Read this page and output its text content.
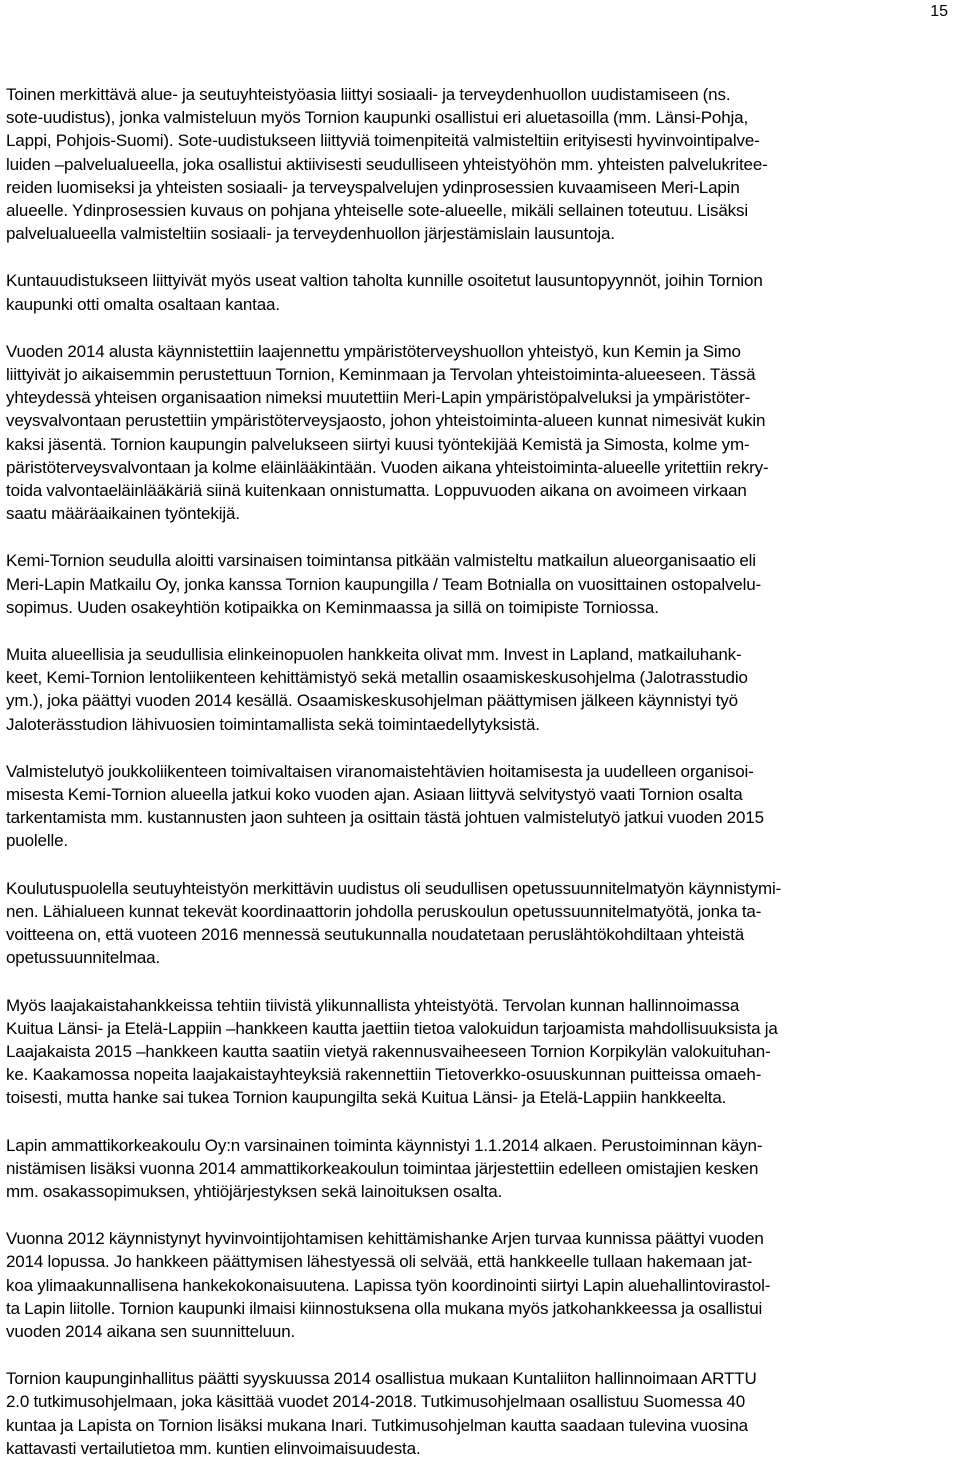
15

Toinen merkittävä alue- ja seutuyhteistyöasia liittyi sosiaali- ja terveydenhuollon uudistamiseen (ns.
sote-uudistus), jonka valmisteluun myös Tornion kaupunki osallistui eri aluetasoilla (mm. Länsi-Pohja,
Lappi, Pohjois-Suomi). Sote-uudistukseen liittyviä toimenpiteitä valmisteltiin erityisesti hyvinvointipalve-
luiden –palvelualueella, joka osallistui aktiivisesti seudulliseen yhteistyöhön mm. yhteisten palvelukritee-
reiden luomiseksi ja yhteisten sosiaali- ja terveyspalvelujen ydinprosessien kuvaamiseen Meri-Lapin
alueelle. Ydinprosessien kuvaus on pohjana yhteiselle sote-alueelle, mikäli sellainen toteutuu. Lisäksi
palvelualueella valmisteltiin sosiaali- ja terveydenhuollon järjestämislain lausuntoja.

Kuntauudistukseen liittyivät myös useat valtion taholta kunnille osoitetut lausuntopyynnöt, joihin Tornion
kaupunki otti omalta osaltaan kantaa.

Vuoden 2014 alusta käynnistettiin laajennettu ympäristöterveyshuollon yhteistyö, kun Kemin ja Simo
liittyivät jo aikaisemmin perustettuun Tornion, Keminmaan ja Tervolan yhteistoiminta-alueeseen. Tässä
yhteydessä yhteisen organisaation nimeksi muutettiin Meri-Lapin ympäristöpalveluksi ja ympäristöter-
veysvalvontaan perustettiin ympäristöterveysjaosto, johon yhteistoiminta-alueen kunnat nimesivät kukin
kaksi jäsentä. Tornion kaupungin palvelukseen siirtyi kuusi työntekijää Kemistä ja Simosta, kolme ym-
päristöterveysvalvontaan ja kolme eläinlääkintään. Vuoden aikana yhteistoiminta-alueelle yritettiin rekry-
toida valvontaeläinlääkäriä siinä kuitenkaan onnistumatta. Loppuvuoden aikana on avoimeen virkaan
saatu määräaikainen työntekijä.

Kemi-Tornion seudulla aloitti varsinaisen toimintansa pitkään valmisteltu matkailun alueorganisaatio eli
Meri-Lapin Matkailu Oy, jonka kanssa Tornion kaupungilla / Team Botnialla on vuosittainen ostopalvelu-
sopimus. Uuden osakeyhtiön kotipaikka on Keminmaassa ja sillä on toimipiste Torniossa.

Muita alueellisia ja seudullisia elinkeinopuolen hankkeita olivat mm. Invest in Lapland, matkailuhank-
keet, Kemi-Tornion lentoliikenteen kehittämistyö sekä metallin osaamiskeskusohjelma (Jalotrasstudio
ym.), joka päättyi vuoden 2014 kesällä. Osaamiskeskusohjelman päättymisen jälkeen käynnistyi työ
Jaloterässtudion lähivuosien toimintamallista sekä toimintaedellytyksistä.

Valmistelutyö joukkoliikenteen toimivaltaisen viranomaistehtävien hoitamisesta ja uudelleen organisoi-
misesta Kemi-Tornion alueella jatkui koko vuoden ajan. Asiaan liittyvä selvitystyö vaati Tornion osalta
tarkentamista mm. kustannusten jaon suhteen ja osittain tästä johtuen valmistelutyö jatkui vuoden 2015
puolelle.

Koulutuspuolella seutuyhteistyön merkittävin uudistus oli seudullisen opetussuunnitelmatyön käynnistymi-
nen. Lähialueen kunnat tekevät koordinaattorin johdolla peruskoulun opetussuunnitelmatyötä, jonka ta-
voitteena on, että vuoteen 2016 mennessä seutukunnalla noudatetaan peruslähtökohdiltaan yhteistä
opetussuunnitelmaa.

Myös laajakaistahankkeissa tehtiin tiivistä ylikunnallista yhteistyötä. Tervolan kunnan hallinnoimassa
Kuitua Länsi- ja Etelä-Lappiin –hankkeen kautta jaettiin tietoa valokuidun tarjoamista mahdollisuuksista ja
Laajakaista 2015 –hankkeen kautta saatiin vietyä rakennusvaiheeseen Tornion Korpikylän valokuituhan-
ke. Kaakamossa nopeita laajakaistayhteyksiä rakennettiin Tietoverkko-osuuskunnan puitteissa omaeh-
toisesti, mutta hanke sai tukea Tornion kaupungilta sekä Kuitua Länsi- ja Etelä-Lappiin hankkeelta.

Lapin ammattikorkeakoulu Oy:n varsinainen toiminta käynnistyi 1.1.2014 alkaen. Perustoiminnan käyn-
nistämisen lisäksi vuonna 2014 ammattikorkeakoulun toimintaa järjestettiin edelleen omistajien kesken
mm. osakassopimuksen, yhtiöjärjestyksen sekä lainoituksen osalta.

Vuonna 2012 käynnistynyt hyvinvointijohtamisen kehittämishanke Arjen turvaa kunnissa päättyi vuoden
2014 lopussa. Jo hankkeen päättymisen lähestyessä oli selvää, että hankkeelle tullaan hakemaan jat-
koa ylimaakunnallisena hankekokonaisuutena. Lapissa työn koordinointi siirtyi Lapin aluehallintovirastol-
ta Lapin liitolle. Tornion kaupunki ilmaisi kiinnostuksena olla mukana myös jatkohankkeessa ja osallistui
vuoden 2014 aikana sen suunnitteluun.

Tornion kaupunginhallitus päätti syyskuussa 2014 osallistua mukaan Kuntaliiton hallinnoimaan ARTTU
2.0 tutkimusohjelmaan, joka käsittää vuodet 2014-2018. Tutkimusohjelmaan osallistuu Suomessa 40
kuntaa ja Lapista on Tornion lisäksi mukana Inari. Tutkimusohjelman kautta saadaan tulevina vuosina
kattavasti vertailutietoa mm. kuntien elinvoimaisuudesta.
